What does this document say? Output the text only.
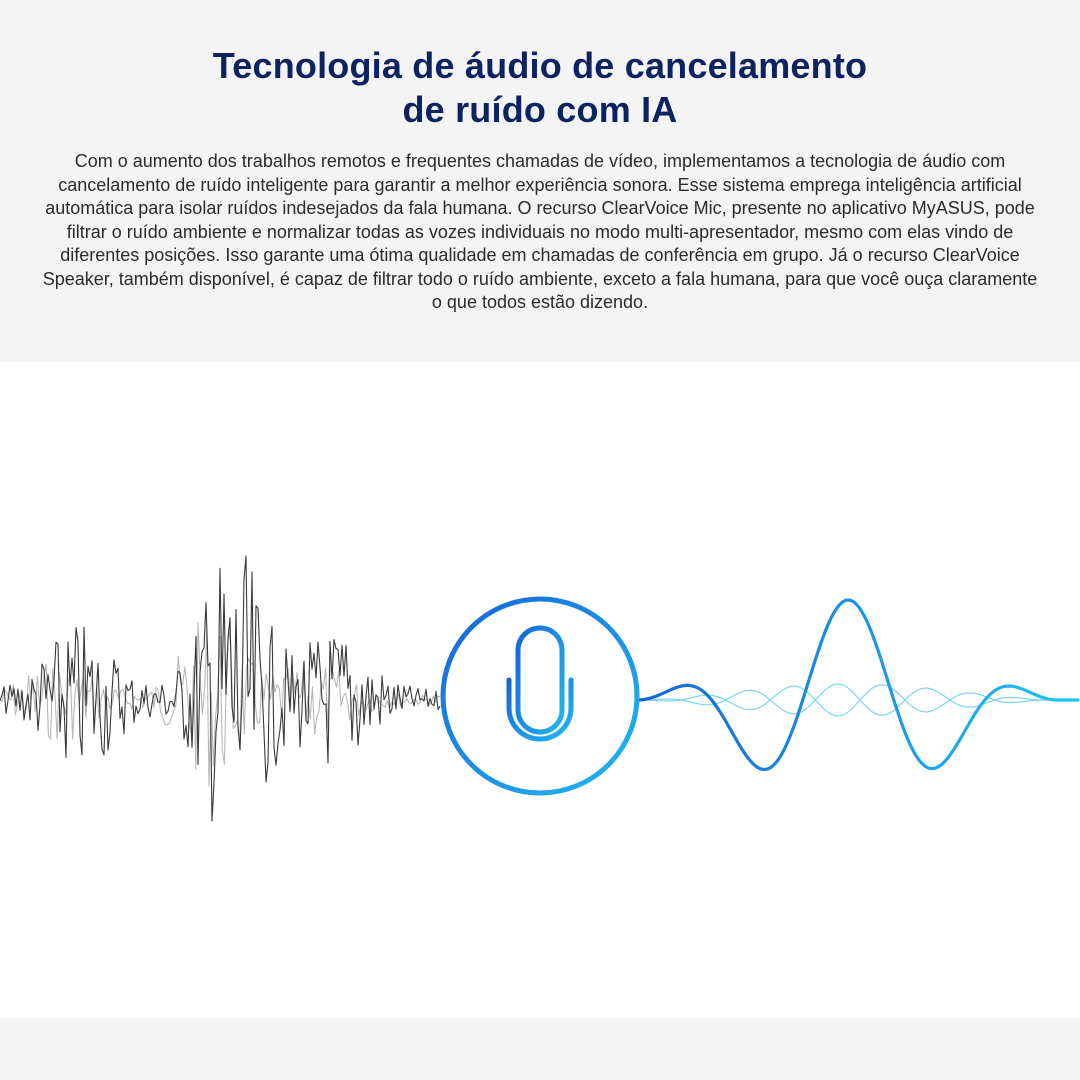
Tecnologia de áudio de cancelamento
de ruído com IA

Com o aumento dos trabalhos remotos e frequentes chamadas de vídeo, implementamos a tecnologia de áudio com cancelamento de ruído inteligente para garantir a melhor experiência sonora. Esse sistema emprega inteligência artificial automática para isolar ruídos indesejados da fala humana. O recurso ClearVoice Mic, presente no aplicativo MyASUS, pode filtrar o ruído ambiente e normalizar todas as vozes individuais no modo multi-apresentador, mesmo com elas vindo de diferentes posições. Isso garante uma ótima qualidade em chamadas de conferência em grupo. Já o recurso ClearVoice Speaker, também disponível, é capaz de filtrar todo o ruído ambiente, exceto a fala humana, para que você ouça claramente o que todos estão dizendo.
